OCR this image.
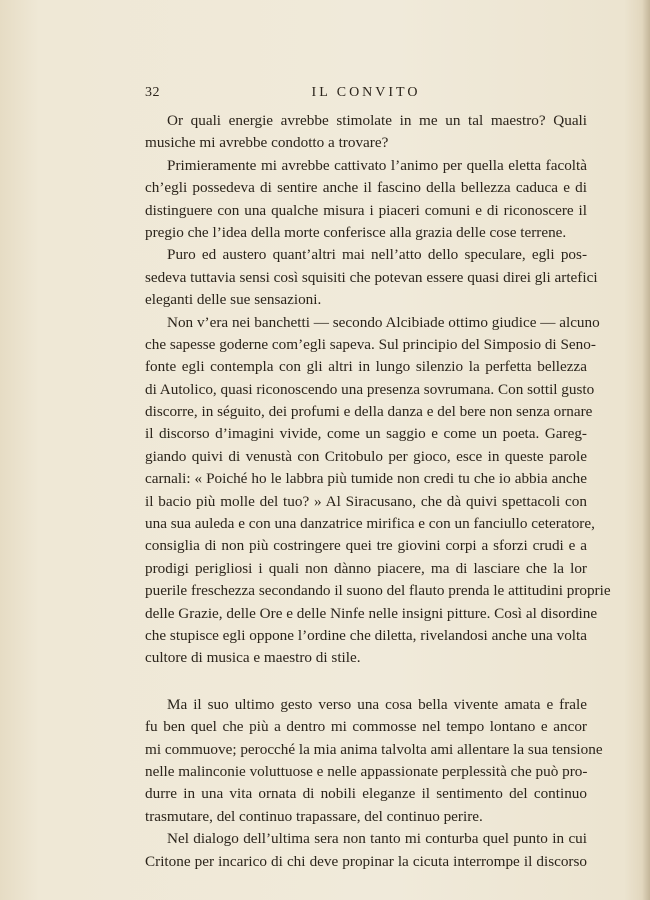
32	IL CONVITO
Or quali energie avrebbe stimolate in me un tal maestro? Quali
musiche mi avrebbe condotto a trovare?
Primieramente mi avrebbe cattivato l’animo per quella eletta facoltà
ch’egli possedeva di sentire anche il fascino della bellezza caduca e di
distinguere con una qualche misura i piaceri comuni e di riconoscere il
pregio che l’idea della morte conferisce alla grazia delle cose terrene.
Puro ed austero quant’altri mai nell’atto dello speculare, egli pos-
sedeva tuttavia sensi così squisiti che potevan essere quasi direi gli artefici
eleganti delle sue sensazioni.
Non v’era nei banchetti — secondo Alcibiade ottimo giudice — alcuno
che sapesse goderne com’egli sapeva. Sul principio del Simposio di Seno-
fonte egli contempla con gli altri in lungo silenzio la perfetta bellezza
di Autolico, quasi riconoscendo una presenza sovrumana. Con sottil gusto
discorre, in séguito, dei profumi e della danza e del bere non senza ornare
il discorso d’imagini vivide, come un saggio e come un poeta. Gareg-
giando quivi di venustà con Critobulo per gioco, esce in queste parole
carnali: « Poiché ho le labbra più tumide non credi tu che io abbia anche
il bacio più molle del tuo? » Al Siracusano, che dà quivi spettacoli con
una sua auleda e con una danzatrice mirifica e con un fanciullo ceteratore,
consiglia di non più costringere quei tre giovini corpi a sforzi crudi e a
prodigi perigliosi i quali non dànno piacere, ma di lasciare che la lor
puerile freschezza secondando il suono del flauto prenda le attitudini proprie
delle Grazie, delle Ore e delle Ninfe nelle insigni pitture. Così al disordine
che stupisce egli oppone l’ordine che diletta, rivelandosi anche una volta
cultore di musica e maestro di stile.
Ma il suo ultimo gesto verso una cosa bella vivente amata e frale
fu ben quel che più a dentro mi commosse nel tempo lontano e ancor
mi commuove; perocché la mia anima talvolta ami allentare la sua tensione
nelle malinconie voluttuose e nelle appassionate perplessità che può pro-
durre in una vita ornata di nobili eleganze il sentimento del continuo
trasmutare, del continuo trapassare, del continuo perire.
Nel dialogo dell’ultima sera non tanto mi conturba quel punto in cui
Critone per incarico di chi deve propinar la cicuta interrompe il discorso
